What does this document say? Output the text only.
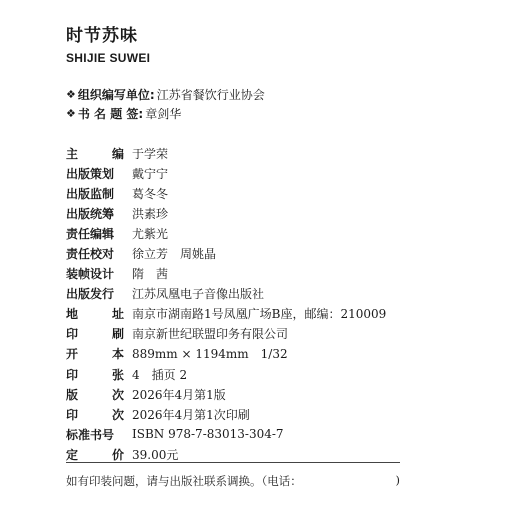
时节苏味
SHIJIE SUWEI
❖ 组织编写单位: 江苏省餐饮行业协会
❖ 书 名 题 签: 章剑华
主	编 于学荣
出版策划	戴宁宁
出版监制	葛冬冬
出版统筹	洪素珍
责任编辑	尤紫光
责任校对	徐立芳　周姚晶
装帧设计	隋　茜
出版发行	江苏凤凰电子音像出版社
地	址 南京市湖南路1号凤凰广场B座，邮编：210009
印	刷 南京新世纪联盟印务有限公司
开	本 889mm × 1194mm　1/32
印	张 4　插页 2
版	次 2026年4月第1版
印	次 2026年4月第1次印刷
标准书号	ISBN 978-7-83013-304-7
定	价 39.00元
如有印装问题，请与出版社联系调换。（电话：	)
